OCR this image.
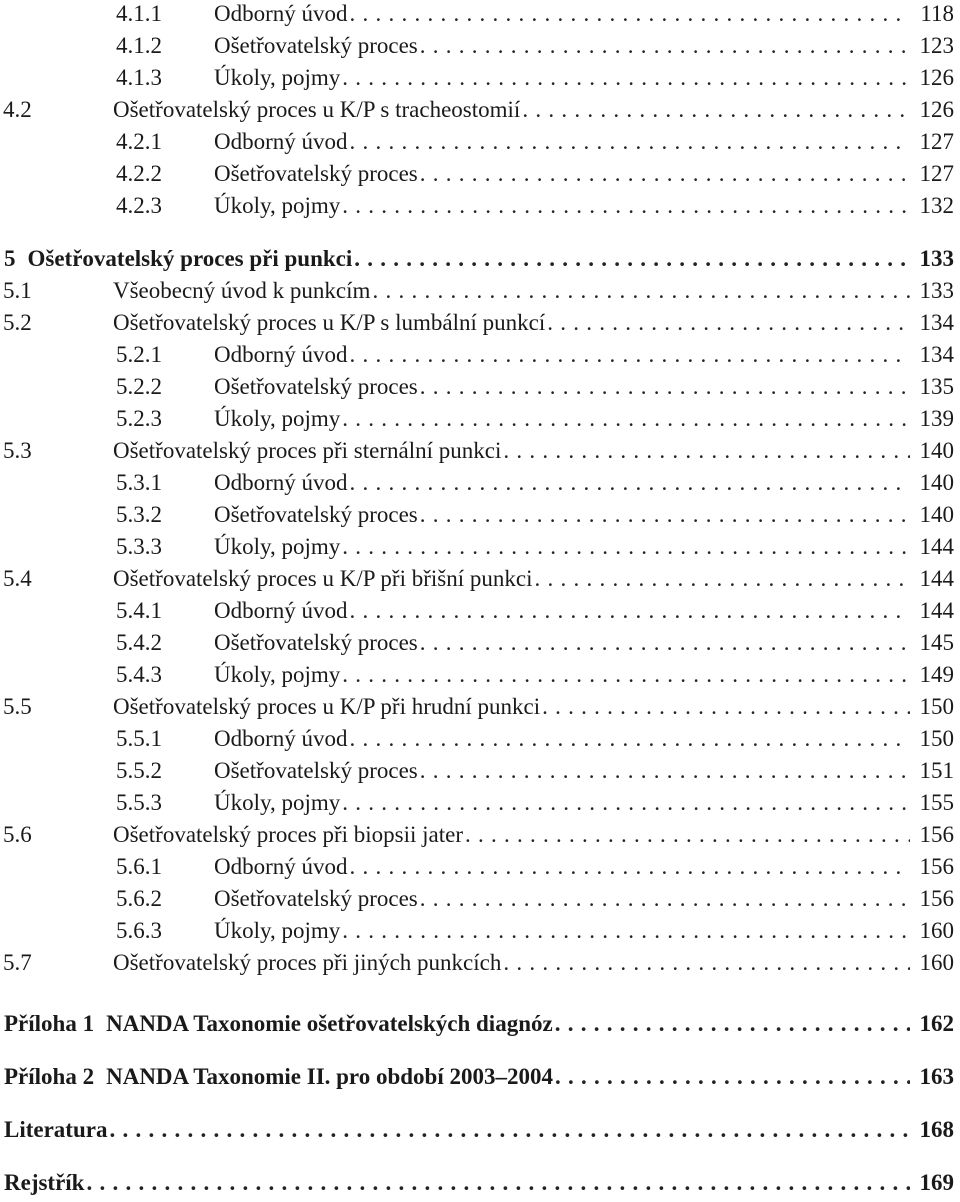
4.1.1	Odborný úvod . . .	118
4.1.2	Ošetřovatelský proces . . .	123
4.1.3	Úkoly, pojmy . . .	126
4.2	Ošetřovatelský proces u K/P s tracheostomií . . .	126
4.2.1	Odborný úvod . . .	127
4.2.2	Ošetřovatelský proces . . .	127
4.2.3	Úkoly, pojmy . . .	132
5 Ošetřovatelský proces při punkci . . .	133
5.1	Všeobecný úvod k punkcím . . .	133
5.2	Ošetřovatelský proces u K/P s lumbální punkcí . . .	134
5.2.1	Odborný úvod . . .	134
5.2.2	Ošetřovatelský proces . . .	135
5.2.3	Úkoly, pojmy . . .	139
5.3	Ošetřovatelský proces při sternální punkci . . .	140
5.3.1	Odborný úvod . . .	140
5.3.2	Ošetřovatelský proces . . .	140
5.3.3	Úkoly, pojmy . . .	144
5.4	Ošetřovatelský proces u K/P při břišní punkci . . .	144
5.4.1	Odborný úvod . . .	144
5.4.2	Ošetřovatelský proces . . .	145
5.4.3	Úkoly, pojmy . . .	149
5.5	Ošetřovatelský proces u K/P při hrudní punkci . . .	150
5.5.1	Odborný úvod . . .	150
5.5.2	Ošetřovatelský proces . . .	151
5.5.3	Úkoly, pojmy . . .	155
5.6	Ošetřovatelský proces při biopsii jater . . .	156
5.6.1	Odborný úvod . . .	156
5.6.2	Ošetřovatelský proces . . .	156
5.6.3	Úkoly, pojmy . . .	160
5.7	Ošetřovatelský proces při jiných punkcích . . .	160
Příloha 1 NANDA Taxonomie ošetřovatelských diagnóz . . .	162
Příloha 2 NANDA Taxonomie II. pro období 2003–2004 . . .	163
Literatura . . .	168
Rejstřík . . .	169
